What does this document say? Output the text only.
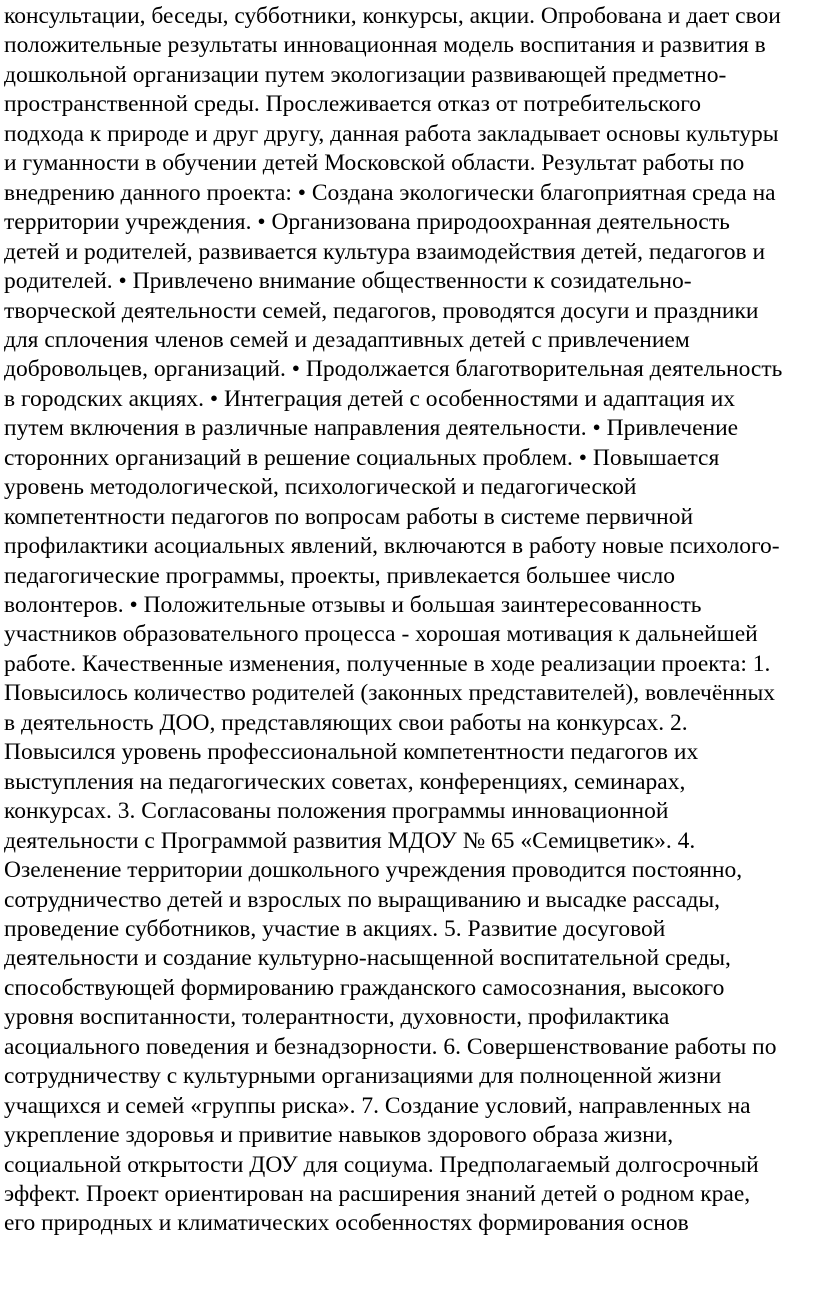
консультации, беседы, субботники, конкурсы, акции. Опробована и дает свои
положительные результаты инновационная модель воспитания и развития в
дошкольной организации путем экологизации развивающей предметно-
пространственной среды. Прослеживается отказ от потребительского
подхода к природе и друг другу, данная работа закладывает основы культуры
и гуманности в обучении детей Московской области. Результат работы по
внедрению данного проекта: • Создана экологически благоприятная среда на
территории учреждения. • Организована природоохранная деятельность
детей и родителей, развивается культура взаимодействия детей, педагогов и
родителей. • Привлечено внимание общественности к созидательно-
творческой деятельности семей, педагогов, проводятся досуги и праздники
для сплочения членов семей и дезадаптивных детей с привлечением
добровольцев, организаций. • Продолжается благотворительная деятельность
в городских акциях. • Интеграция детей с особенностями и адаптация их
путем включения в различные направления деятельности. • Привлечение
сторонних организаций в решение социальных проблем. • Повышается
уровень методологической, психологической и педагогической
компетентности педагогов по вопросам работы в системе первичной
профилактики асоциальных явлений, включаются в работу новые психолого-
педагогические программы, проекты, привлекается большее число
волонтеров. • Положительные отзывы и большая заинтересованность
участников образовательного процесса - хорошая мотивация к дальнейшей
работе. Качественные изменения, полученные в ходе реализации проекта: 1.
Повысилось количество родителей (законных представителей), вовлечённых
в деятельность ДОО, представляющих свои работы на конкурсах. 2.
Повысился уровень профессиональной компетентности педагогов их
выступления на педагогических советах, конференциях, семинарах,
конкурсах. 3. Согласованы положения программы инновационной
деятельности с Программой развития МДОУ № 65 «Семицветик». 4.
Озеленение территории дошкольного учреждения проводится постоянно,
сотрудничество детей и взрослых по выращиванию и высадке рассады,
проведение субботников, участие в акциях. 5. Развитие досуговой
деятельности и создание культурно-насыщенной воспитательной среды,
способствующей формированию гражданского самосознания, высокого
уровня воспитанности, толерантности, духовности, профилактика
асоциального поведения и безнадзорности. 6. Совершенствование работы по
сотрудничеству с культурными организациями для полноценной жизни
учащихся и семей «группы риска». 7. Создание условий, направленных на
укрепление здоровья и привитие навыков здорового образа жизни,
социальной открытости ДОУ для социума. Предполагаемый долгосрочный
эффект. Проект ориентирован на расширения знаний детей о родном крае,
его природных и климатических особенностях формирования основ
